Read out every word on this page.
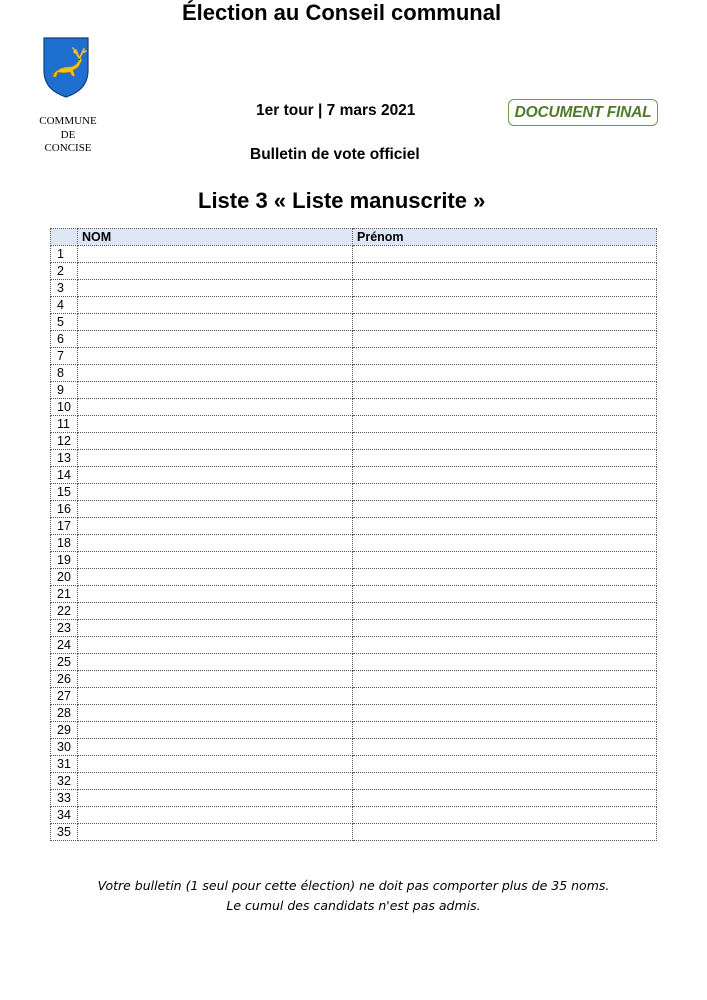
COMMUNE
DE
CONCISE
Élection au Conseil communal
1er tour | 7 mars 2021	DOCUMENT FINAL
Bulletin de vote officiel
Liste 3 « Liste manuscrite »
	NOM	Prénom
1		
2		
3		
4		
5		
6		
7		
8		
9		
10		
11		
12		
13		
14		
15		
16		
17		
18		
19		
20		
21		
22		
23		
24		
25		
26		
27		
28		
29		
30		
31		
32		
33		
34		
35		
Votre bulletin (1 seul pour cette élection) ne doit pas comporter plus de 35 noms.
Le cumul des candidats n'est pas admis.
